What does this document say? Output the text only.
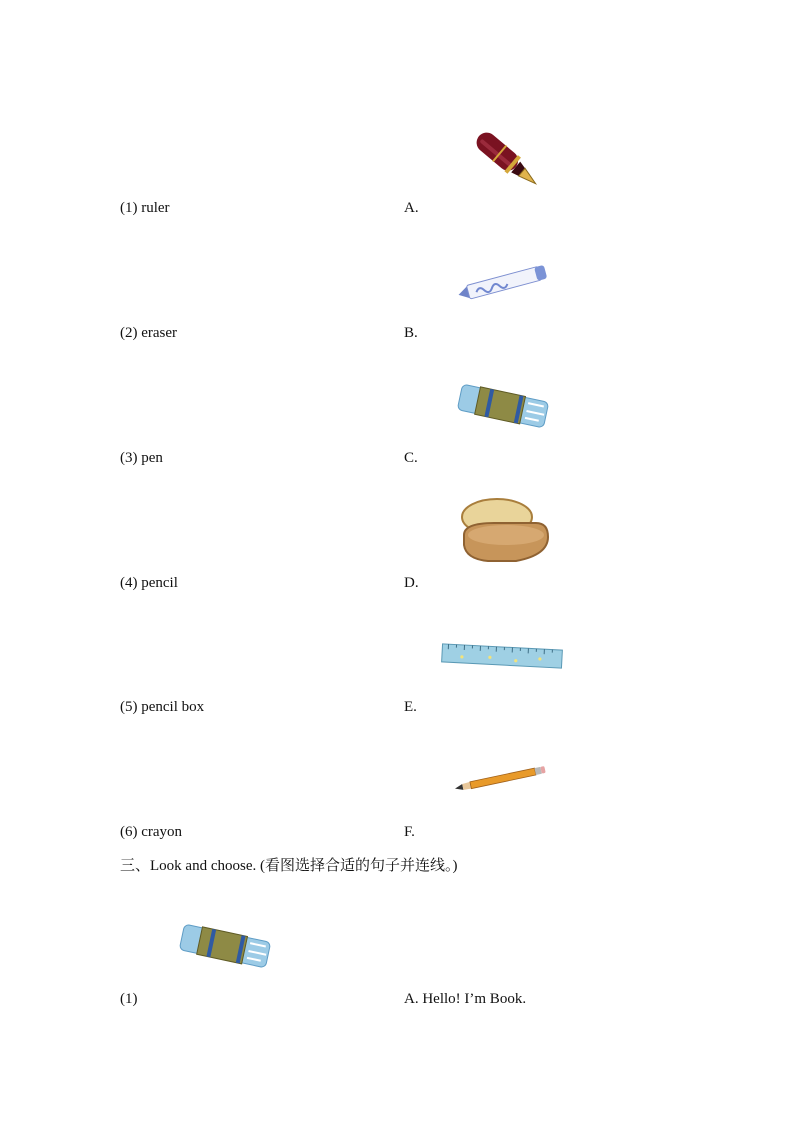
(1) ruler
(2) eraser
(3) pen
(4) pencil
(5) pencil box
(6) crayon
A.
B.
C.
D.
E.
F.
三、Look and choose. (看图选择合适的句子并连线。)
(1)	A. Hello! I’m Book.
